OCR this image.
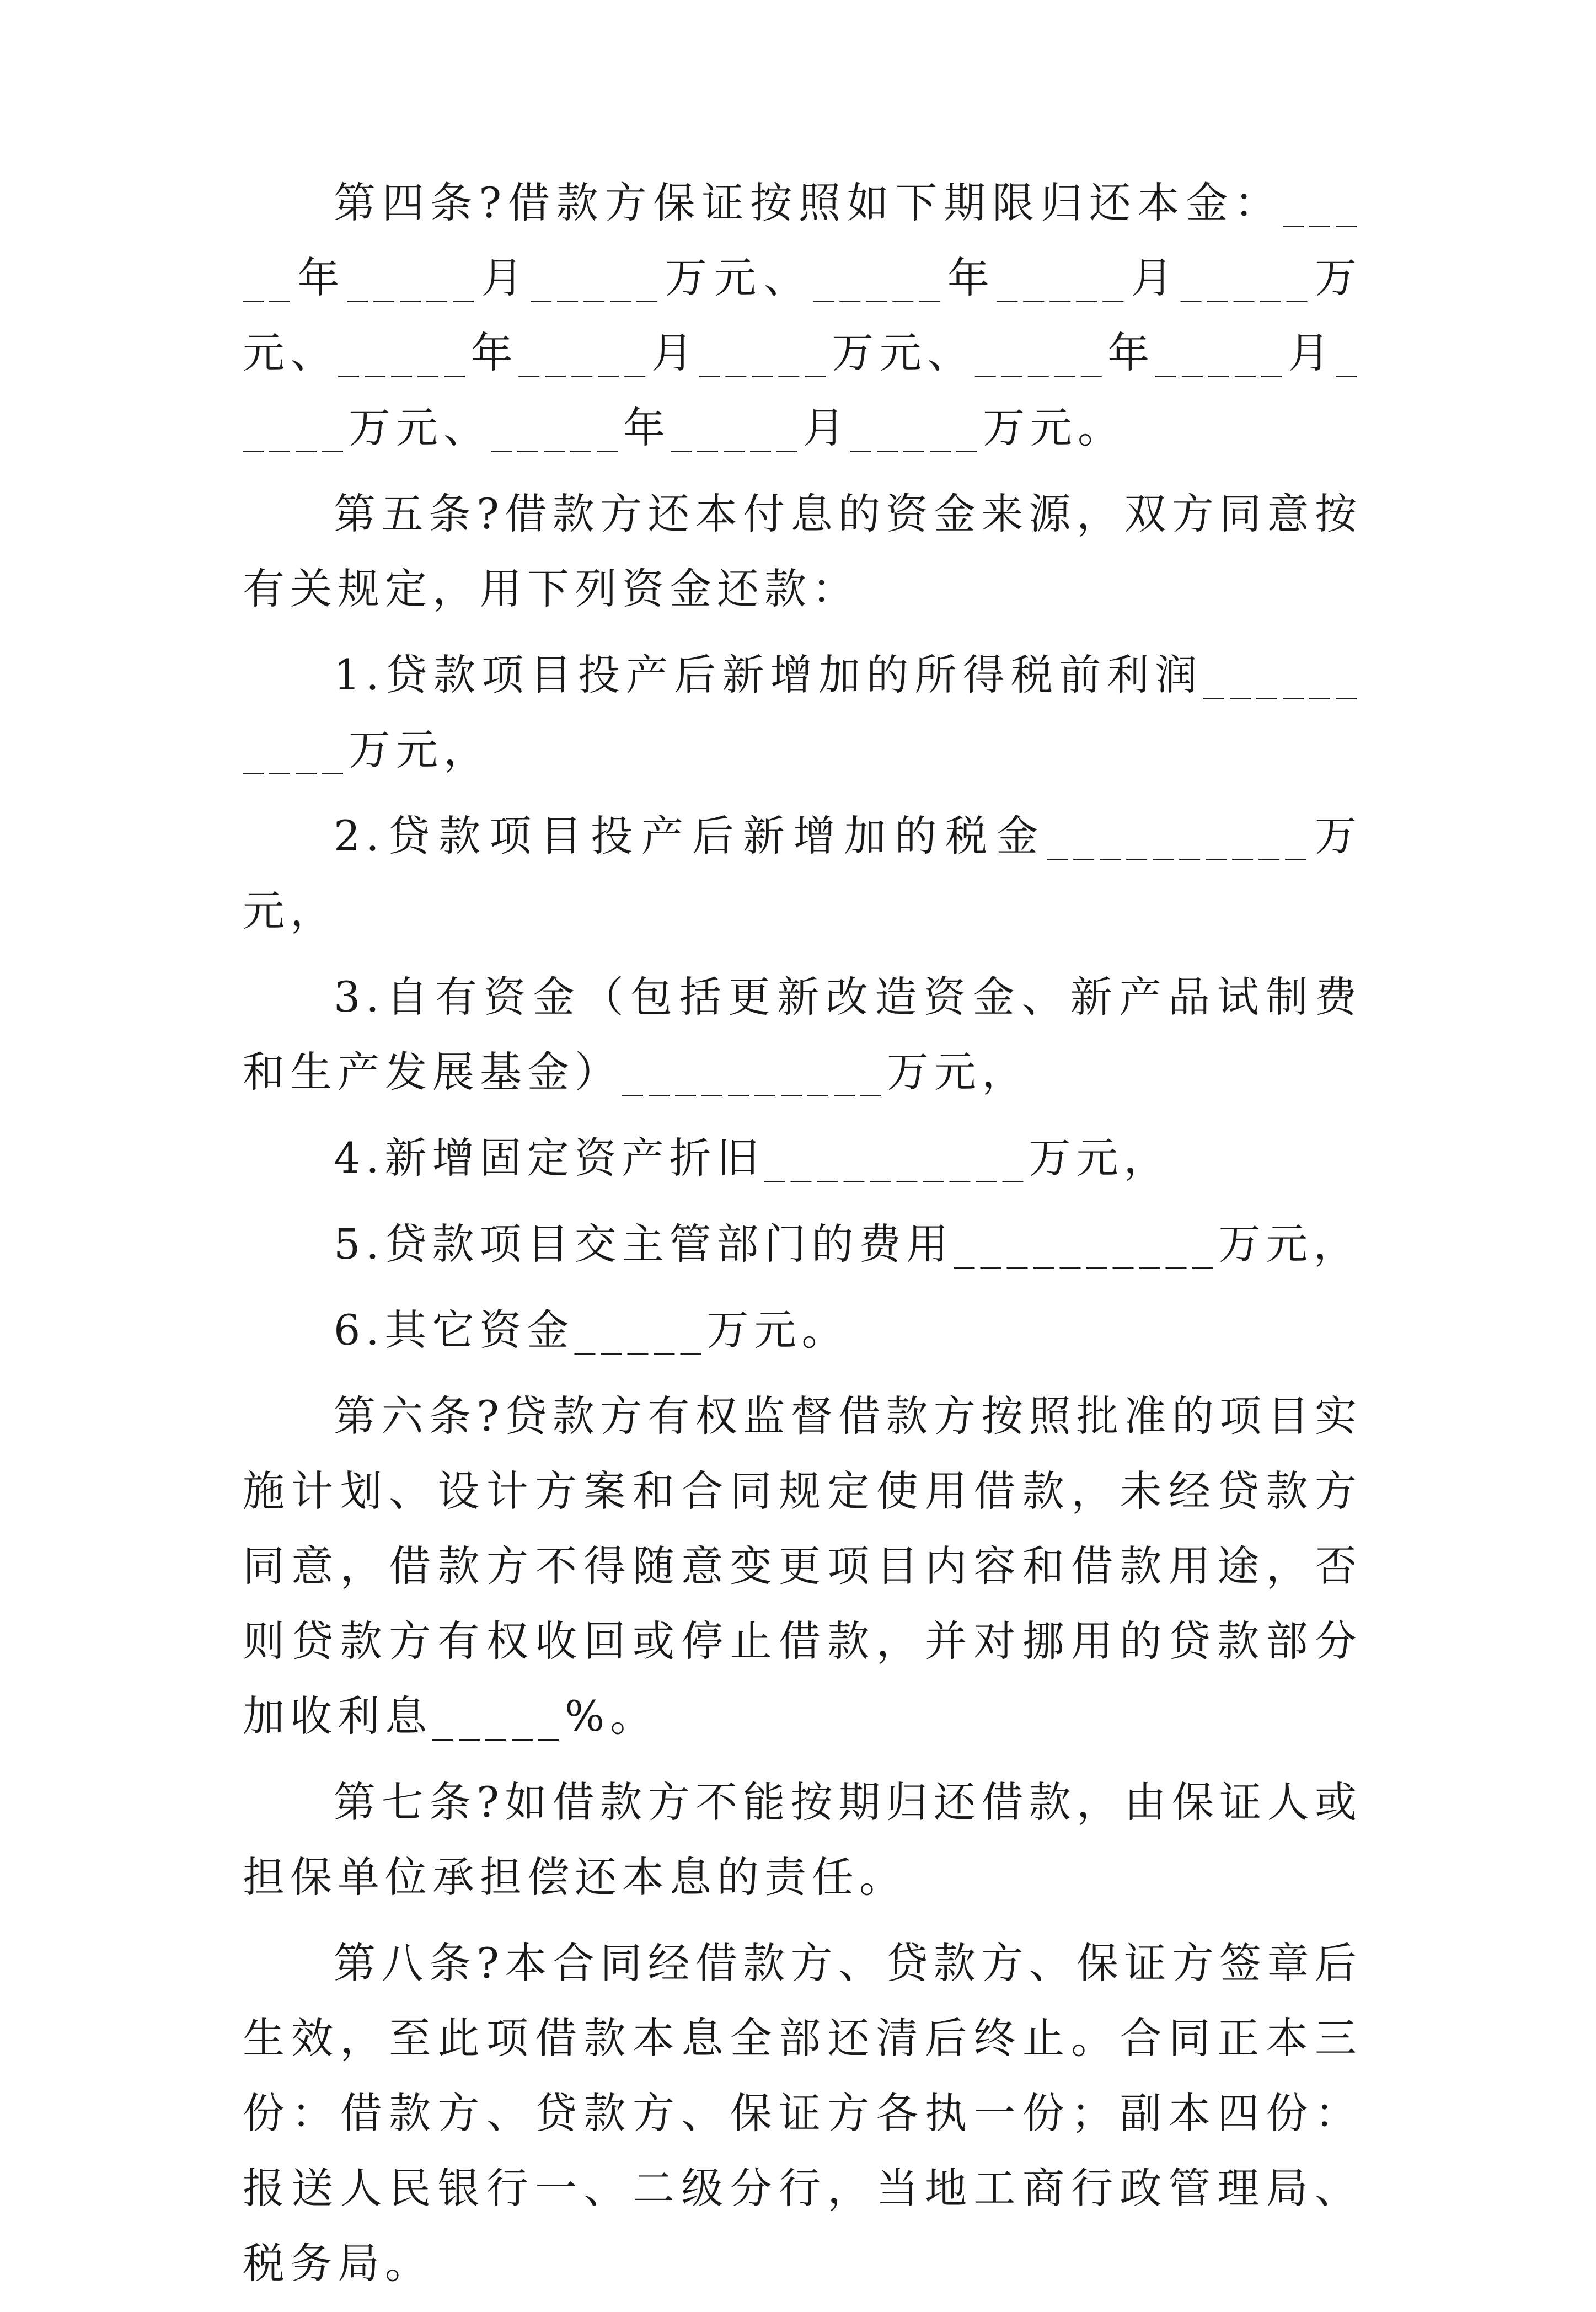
第四条?借款方保证按照如下期限归还本金：_____年_____月_____万元、_____年_____月_____万元、_____年_____月_____万元、_____年_____月_____万元、_____年_____月_____万元。

第五条?借款方还本付息的资金来源，双方同意按有关规定，用下列资金还款：

1.贷款项目投产后新增加的所得税前利润__________万元，

2.贷款项目投产后新增加的税金__________万元，

3.自有资金（包括更新改造资金、新产品试制费和生产发展基金）__________万元，

4.新增固定资产折旧__________万元，

5.贷款项目交主管部门的费用__________万元，

6.其它资金_____万元。

第六条?贷款方有权监督借款方按照批准的项目实施计划、设计方案和合同规定使用借款，未经贷款方同意，借款方不得随意变更项目内容和借款用途，否则贷款方有权收回或停止借款，并对挪用的贷款部分加收利息_____%。

第七条?如借款方不能按期归还借款，由保证人或担保单位承担偿还本息的责任。

第八条?本合同经借款方、贷款方、保证方签章后生效，至此项借款本息全部还清后终止。合同正本三份：借款方、贷款方、保证方各执一份；副本四份：报送人民银行一、二级分行，当地工商行政管理局、税务局。
